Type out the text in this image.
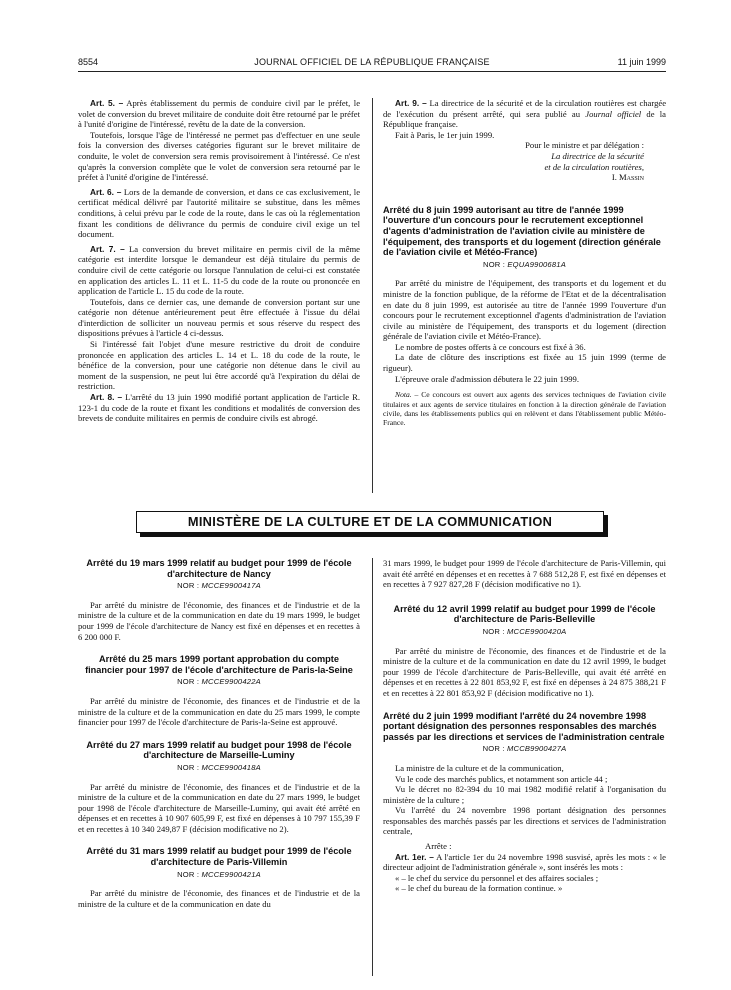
8554	JOURNAL OFFICIEL DE LA RÉPUBLIQUE FRANÇAISE	11 juin 1999

Art. 5. – Après établissement du permis de conduire civil par le préfet, le volet de conversion du brevet militaire de conduite doit être retourné par le préfet à l'unité d'origine de l'intéressé, revêtu de la date de la conversion.

Toutefois, lorsque l'âge de l'intéressé ne permet pas d'effectuer en une seule fois la conversion des diverses catégories figurant sur le brevet militaire de conduite, le volet de conversion sera remis provisoirement à l'intéressé. Ce n'est qu'après la conversion complète que le volet de conversion sera retourné par le préfet à l'unité d'origine de l'intéressé.

Art. 6. – Lors de la demande de conversion, et dans ce cas exclusivement, le certificat médical délivré par l'autorité militaire se substitue, dans les mêmes conditions, à celui prévu par le code de la route, dans le cas où la réglementation fixant les conditions de délivrance du permis de conduire civil exige un tel document.

Art. 7. – La conversion du brevet militaire en permis civil de la même catégorie est interdite lorsque le demandeur est déjà titulaire du permis de conduire civil de cette catégorie ou lorsque l'annulation de celui-ci est constatée en application des articles L. 11 et L. 11-5 du code de la route ou prononcée en application de l'article L. 15 du code de la route.

Toutefois, dans ce dernier cas, une demande de conversion portant sur une catégorie non détenue antérieurement peut être effectuée à l'issue du délai d'interdiction de solliciter un nouveau permis et sous réserve du respect des dispositions prévues à l'article 4 ci-dessus.

Si l'intéressé fait l'objet d'une mesure restrictive du droit de conduire prononcée en application des articles L. 14 et L. 18 du code de la route, le bénéfice de la conversion, pour une catégorie non détenue dans le civil au moment de la suspension, ne peut lui être accordé qu'à l'expiration du délai de restriction.

Art. 8. – L'arrêté du 13 juin 1990 modifié portant application de l'article R. 123-1 du code de la route et fixant les conditions et modalités de conversion des brevets de conduite militaires en permis de conduire civils est abrogé.

Art. 9. – La directrice de la sécurité et de la circulation routières est chargée de l'exécution du présent arrêté, qui sera publié au Journal officiel de la République française.

Fait à Paris, le 1er juin 1999.

Pour le ministre et par délégation :

La directrice de la sécurité

et de la circulation routières,

I. Massin

Arrêté du 8 juin 1999 autorisant au titre de l'année 1999 l'ouverture d'un concours pour le recrutement exceptionnel d'agents d'administration de l'aviation civile au ministère de l'équipement, des transports et du logement (direction générale de l'aviation civile et Météo-France)
NOR : EQUA9900681A

Par arrêté du ministre de l'équipement, des transports et du logement et du ministre de la fonction publique, de la réforme de l'Etat et de la décentralisation en date du 8 juin 1999, est autorisée au titre de l'année 1999 l'ouverture d'un concours pour le recrutement exceptionnel d'agents d'administration de l'aviation civile au ministère de l'équipement, des transports et du logement (direction générale de l'aviation civile et Météo-France).

Le nombre de postes offerts à ce concours est fixé à 36.

La date de clôture des inscriptions est fixée au 15 juin 1999 (terme de rigueur).

L'épreuve orale d'admission débutera le 22 juin 1999.

Nota. – Ce concours est ouvert aux agents des services techniques de l'aviation civile titulaires et aux agents de service titulaires en fonction à la direction générale de l'aviation civile, dans les établissements publics qui en relèvent et dans l'établissement public Météo-France.

MINISTÈRE DE LA CULTURE ET DE LA COMMUNICATION
Arrêté du 19 mars 1999 relatif au budget pour 1999 de l'école d'architecture de Nancy
NOR : MCCE9900417A

Par arrêté du ministre de l'économie, des finances et de l'industrie et de la ministre de la culture et de la communication en date du 19 mars 1999, le budget pour 1999 de l'école d'architecture de Nancy est fixé en dépenses et en recettes à 6 200 000 F.

Arrêté du 25 mars 1999 portant approbation du compte financier pour 1997 de l'école d'architecture de Paris-la-Seine
NOR : MCCE9900422A

Par arrêté du ministre de l'économie, des finances et de l'industrie et de la ministre de la culture et de la communication en date du 25 mars 1999, le compte financier pour 1997 de l'école d'architecture de Paris-la-Seine est approuvé.

Arrêté du 27 mars 1999 relatif au budget pour 1998 de l'école d'architecture de Marseille-Luminy
NOR : MCCE9900418A

Par arrêté du ministre de l'économie, des finances et de l'industrie et de la ministre de la culture et de la communication en date du 27 mars 1999, le budget pour 1998 de l'école d'architecture de Marseille-Luminy, qui avait été arrêté en dépenses et en recettes à 10 907 605,99 F, est fixé en dépenses à 10 797 155,39 F et en recettes à 10 340 249,87 F (décision modificative no 2).

Arrêté du 31 mars 1999 relatif au budget pour 1999 de l'école d'architecture de Paris-Villemin
NOR : MCCE9900421A

Par arrêté du ministre de l'économie, des finances et de l'industrie et de la ministre de la culture et de la communication en date du

31 mars 1999, le budget pour 1999 de l'école d'architecture de Paris-Villemin, qui avait été arrêté en dépenses et en recettes à 7 688 512,28 F, est fixé en dépenses et en recettes à 7 927 827,28 F (décision modificative no 1).

Arrêté du 12 avril 1999 relatif au budget pour 1999 de l'école d'architecture de Paris-Belleville
NOR : MCCE9900420A

Par arrêté du ministre de l'économie, des finances et de l'industrie et de la ministre de la culture et de la communication en date du 12 avril 1999, le budget pour 1999 de l'école d'architecture de Paris-Belleville, qui avait été arrêté en dépenses et en recettes à 22 801 853,92 F, est fixé en dépenses à 24 875 388,21 F et en recettes à 22 801 853,92 F (décision modificative no 1).

Arrêté du 2 juin 1999 modifiant l'arrêté du 24 novembre 1998 portant désignation des personnes responsables des marchés passés par les directions et services de l'administration centrale
NOR : MCCB9900427A

La ministre de la culture et de la communication,

Vu le code des marchés publics, et notamment son article 44 ;

Vu le décret no 82-394 du 10 mai 1982 modifié relatif à l'organisation du ministère de la culture ;

Vu l'arrêté du 24 novembre 1998 portant désignation des personnes responsables des marchés passés par les directions et services de l'administration centrale,

Arrête :

Art. 1er. – A l'article 1er du 24 novembre 1998 susvisé, après les mots : « le directeur adjoint de l'administration générale », sont insérés les mots :

« – le chef du service du personnel et des affaires sociales ;

« – le chef du bureau de la formation continue. »
